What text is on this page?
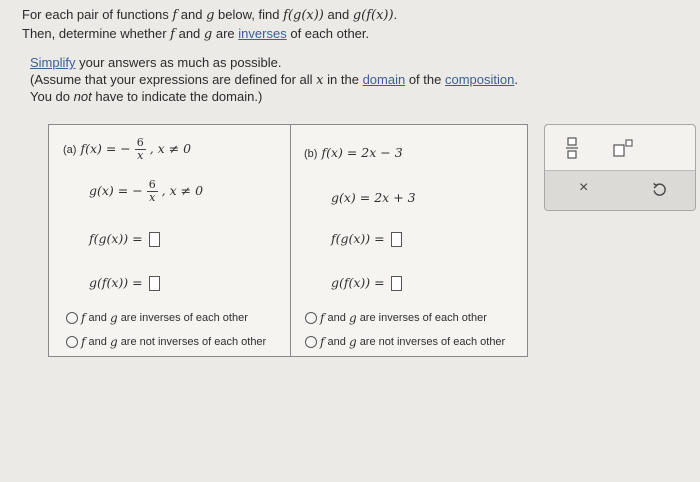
For each pair of functions f and g below, find f(g(x)) and g(f(x)).
Then, determine whether f and g are inverses of each other.
Simplify your answers as much as possible.
(Assume that your expressions are defined for all x in the domain of the composition.
You do not have to indicate the domain.)
(a) f(x) = − $\frac{6}{x}$ , x ≠ 0
g(x) = − $\frac{6}{x}$ , x ≠ 0
f(g(x)) =
g(f(x)) =
f
and
g
are inverses of each other
f
and
g
are not inverses of each other
(b) f(x) = 2x − 3
g(x) = 2x + 3
f(g(x)) =
g(f(x)) =
f
and
g
are inverses of each other
f
and
g
are not inverses of each other
×
